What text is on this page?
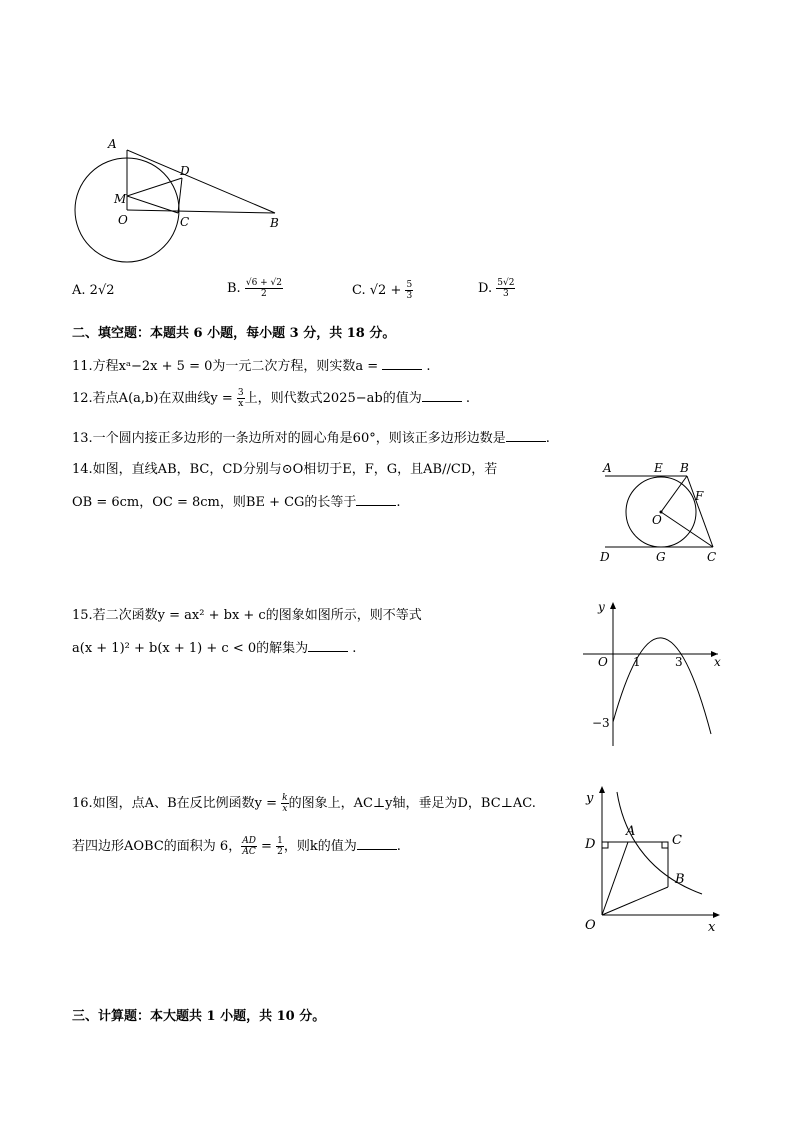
A
D
M
O	C	B
A. 2√2	B. $\frac{√6 + √2}{2}$	C. $√2 + \frac{5}{3}$	D. $\frac{5√2}{3}$
二、填空题：本题共 6 小题，每小题 3 分，共 18 分。
11.方程xᵃ−2x + 5 = 0为一元二次方程，则实数a =	.
12.若点A(a,b)在双曲线$y = \frac{3}{x}$ 上，则代数式2025−ab的值为	.
13.一个圆内接正多边形的一条边所对的圆心角是60°，则该正多边形边数是	.
14.如图，直线AB，BC，CD分别与⊙O相切于E，F，G，且AB//CD，若
OB = 6cm，OC = 8cm，则BE + CG的长等于	.
A	E B
F
O
D	G	C
15.若二次函数y = ax² + bx + c的图象如图所示，则不等式
a(x + 1)² + b(x + 1) + c < 0的解集为	.
y
x
O 1	3
−3
16.如图，点A、B在反比例函数$y = \frac{k}{x}$ 的图象上，AC⊥y轴，垂足为D，BC⊥AC.
若四边形AOBC的面积为 6， $\frac{AD}{AC} = \frac{1}{2}$ ，则k的值为	.
y
x
D
A
C
B
O
三、计算题：本大题共 1 小题，共 10 分。
